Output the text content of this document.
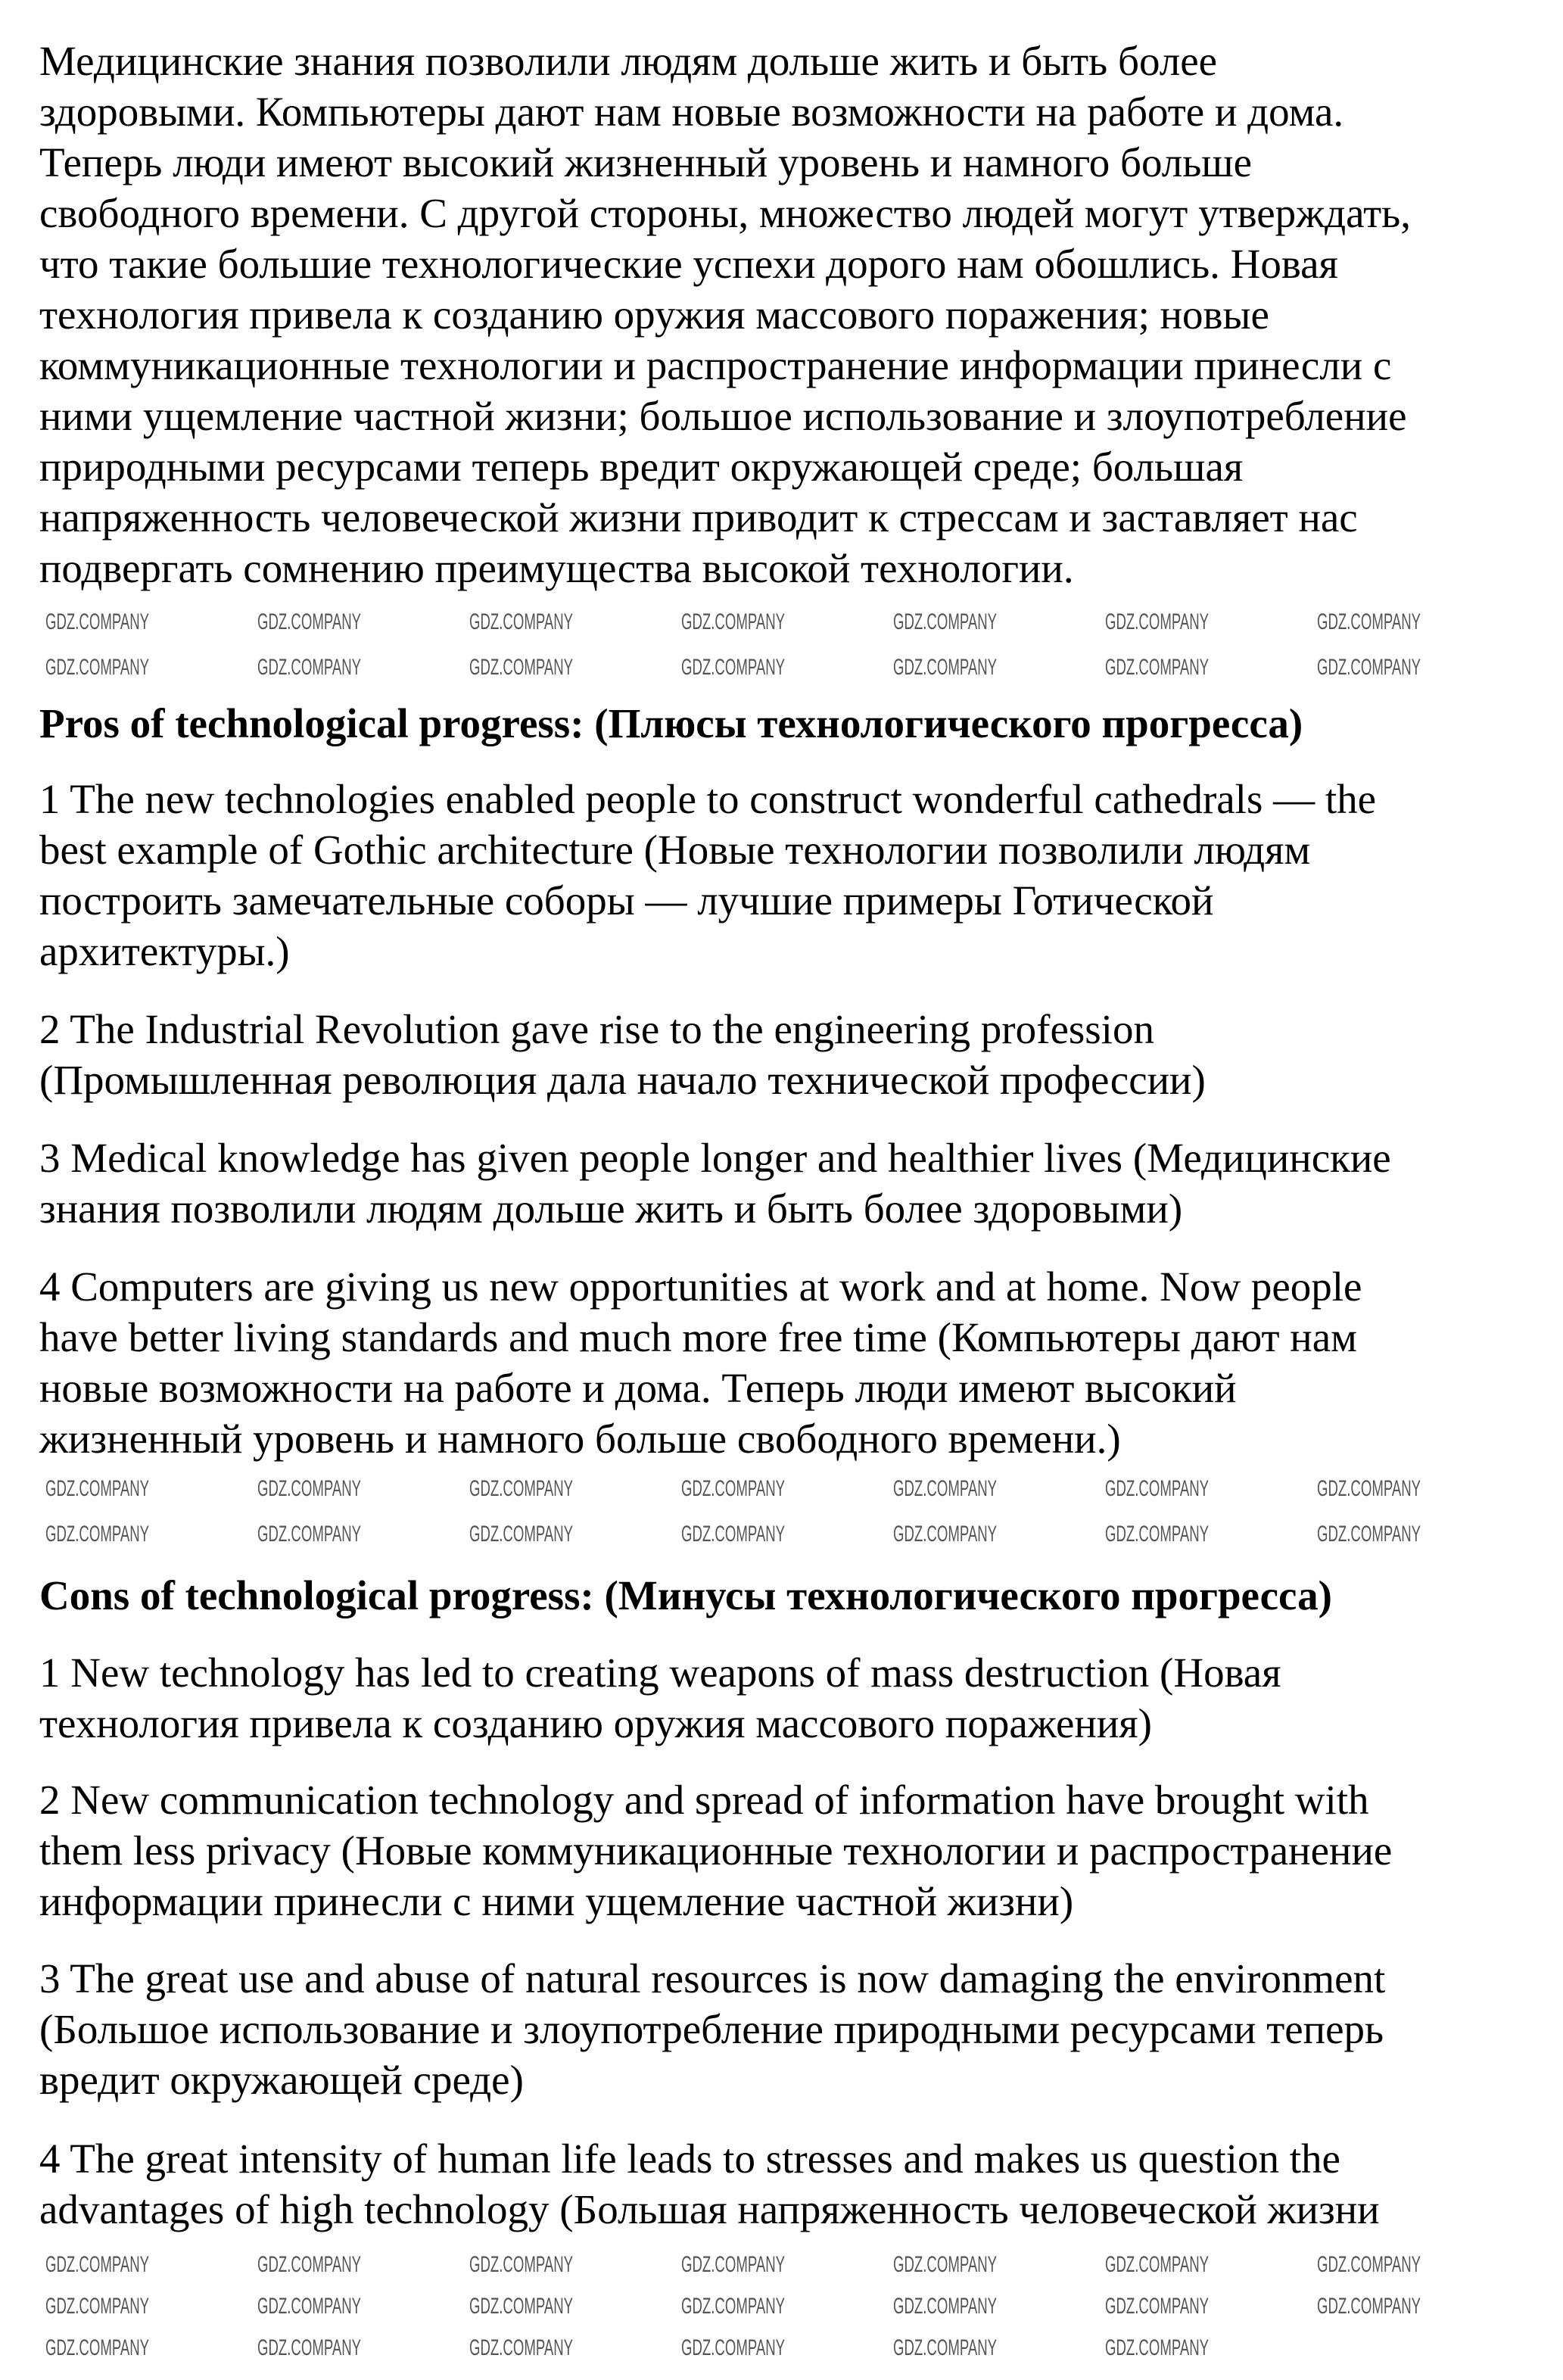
Медицинские знания позволили людям дольше жить и быть более
здоровыми. Компьютеры дают нам новые возможности на работе и дома.
Теперь люди имеют высокий жизненный уровень и намного больше
свободного времени. С другой стороны, множество людей могут утверждать,
что такие большие технологические успехи дорого нам обошлись. Новая
технология привела к созданию оружия массового поражения; новые
коммуникационные технологии и распространение информации принесли с
ними ущемление частной жизни; большое использование и злоупотребление
природными ресурсами теперь вредит окружающей среде; большая
напряженность человеческой жизни приводит к стрессам и заставляет нас
подвергать сомнению преимущества высокой технологии.
Pros of technological progress: (Плюсы технологического прогресса)
1 The new technologies enabled people to construct wonderful cathedrals — the
best example of Gothic architecture (Новые технологии позволили людям
построить замечательные соборы — лучшие примеры Готической
архитектуры.)
2 The Industrial Revolution gave rise to the engineering profession
(Промышленная революция дала начало технической профессии)
3 Medical knowledge has given people longer and healthier lives (Медицинские
знания позволили людям дольше жить и быть более здоровыми)
4 Computers are giving us new opportunities at work and at home. Now people
have better living standards and much more free time (Компьютеры дают нам
новые возможности на работе и дома. Теперь люди имеют высокий
жизненный уровень и намного больше свободного времени.)
Cons of technological progress: (Минусы технологического прогресса)
1 New technology has led to creating weapons of mass destruction (Новая
технология привела к созданию оружия массового поражения)
2 New communication technology and spread of information have brought with
them less privacy (Новые коммуникационные технологии и распространение
информации принесли с ними ущемление частной жизни)
3 The great use and abuse of natural resources is now damaging the environment
(Большое использование и злоупотребление природными ресурсами теперь
вредит окружающей среде)
4 The great intensity of human life leads to stresses and makes us question the
advantages of high technology (Большая напряженность человеческой жизни
GDZ.COMPANY	GDZ.COMPANY	GDZ.COMPANY	GDZ.COMPANY	GDZ.COMPANY	GDZ.COMPANY	GDZ.COMPANY
GDZ.COMPANY	GDZ.COMPANY	GDZ.COMPANY	GDZ.COMPANY	GDZ.COMPANY	GDZ.COMPANY	GDZ.COMPANY
GDZ.COMPANY	GDZ.COMPANY	GDZ.COMPANY	GDZ.COMPANY	GDZ.COMPANY	GDZ.COMPANY	GDZ.COMPANY
GDZ.COMPANY	GDZ.COMPANY	GDZ.COMPANY	GDZ.COMPANY	GDZ.COMPANY	GDZ.COMPANY	GDZ.COMPANY
GDZ.COMPANY	GDZ.COMPANY	GDZ.COMPANY	GDZ.COMPANY	GDZ.COMPANY	GDZ.COMPANY	GDZ.COMPANY
GDZ.COMPANY	GDZ.COMPANY	GDZ.COMPANY	GDZ.COMPANY	GDZ.COMPANY	GDZ.COMPANY	GDZ.COMPANY
GDZ.COMPANY	GDZ.COMPANY	GDZ.COMPANY	GDZ.COMPANY	GDZ.COMPANY	GDZ.COMPANY
